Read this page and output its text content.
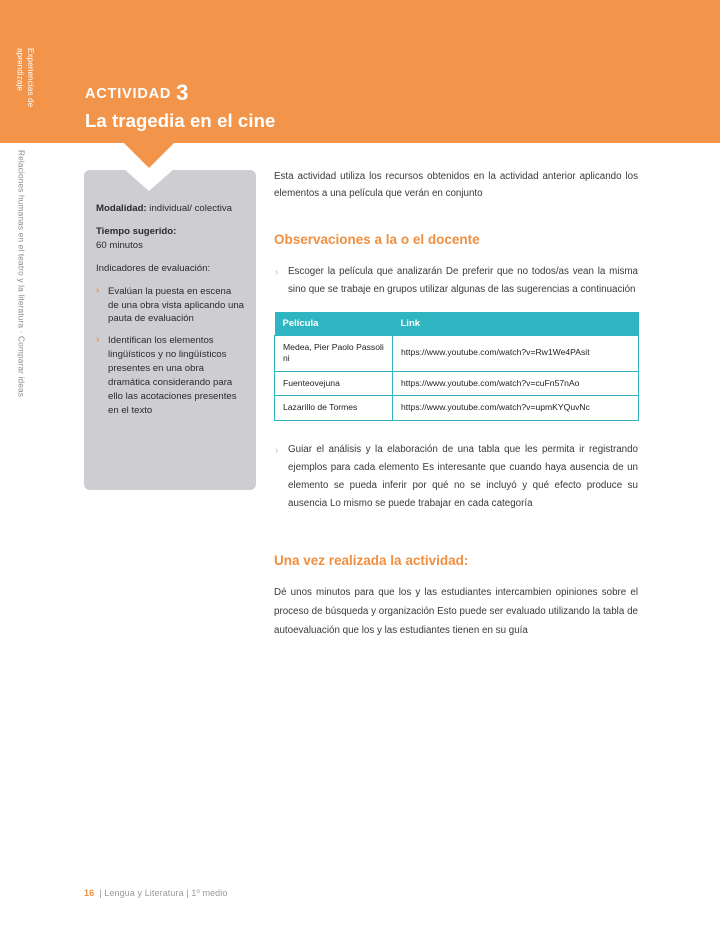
Experiencias de aprendizaje
Relaciones humanas en el teatro y la literatura · Comparar ideas
ACTIVIDAD 3
La tragedia en el cine
Modalidad: individual/ colectiva
Tiempo sugerido:
60 minutos
Indicadores de evaluación:
› Evalúan la puesta en escena de una obra vista aplicando una pauta de evaluación
› Identifican los elementos lingüísticos y no lingüísticos presentes en una obra dramática considerando para ello las acotaciones presentes en el texto

Esta actividad utiliza los recursos obtenidos en la actividad anterior aplicando los elementos a una película que verán en conjunto

Observaciones a la o el docente
› Escoger la película que analizarán De preferir que no todos/as vean la misma sino que se trabaje en grupos utilizar algunas de las sugerencias a continuación
Película	Link
Medea, Pier Paolo Passolini	https://www.youtube.com/watch?v=Rw1We4PAsit
Fuenteovejuna	https://www.youtube.com/watch?v=cuFn57nAo
Lazarillo de Tormes	https://www.youtube.com/watch?v=upmKYQuvNc
› Guiar el análisis y la elaboración de una tabla que les permita ir registrando ejemplos para cada elemento Es interesante que cuando haya ausencia de un elemento se pueda inferir por qué no se incluyó y qué efecto produce su ausencia Lo mismo se puede trabajar en cada categoría
Una vez realizada la actividad:

Dé unos minutos para que los y las estudiantes intercambien opiniones sobre el proceso de búsqueda y organización Esto puede ser evaluado utilizando la tabla de autoevaluación que los y las estudiantes tienen en su guía

16 | Lengua y Literatura | 1º medio
